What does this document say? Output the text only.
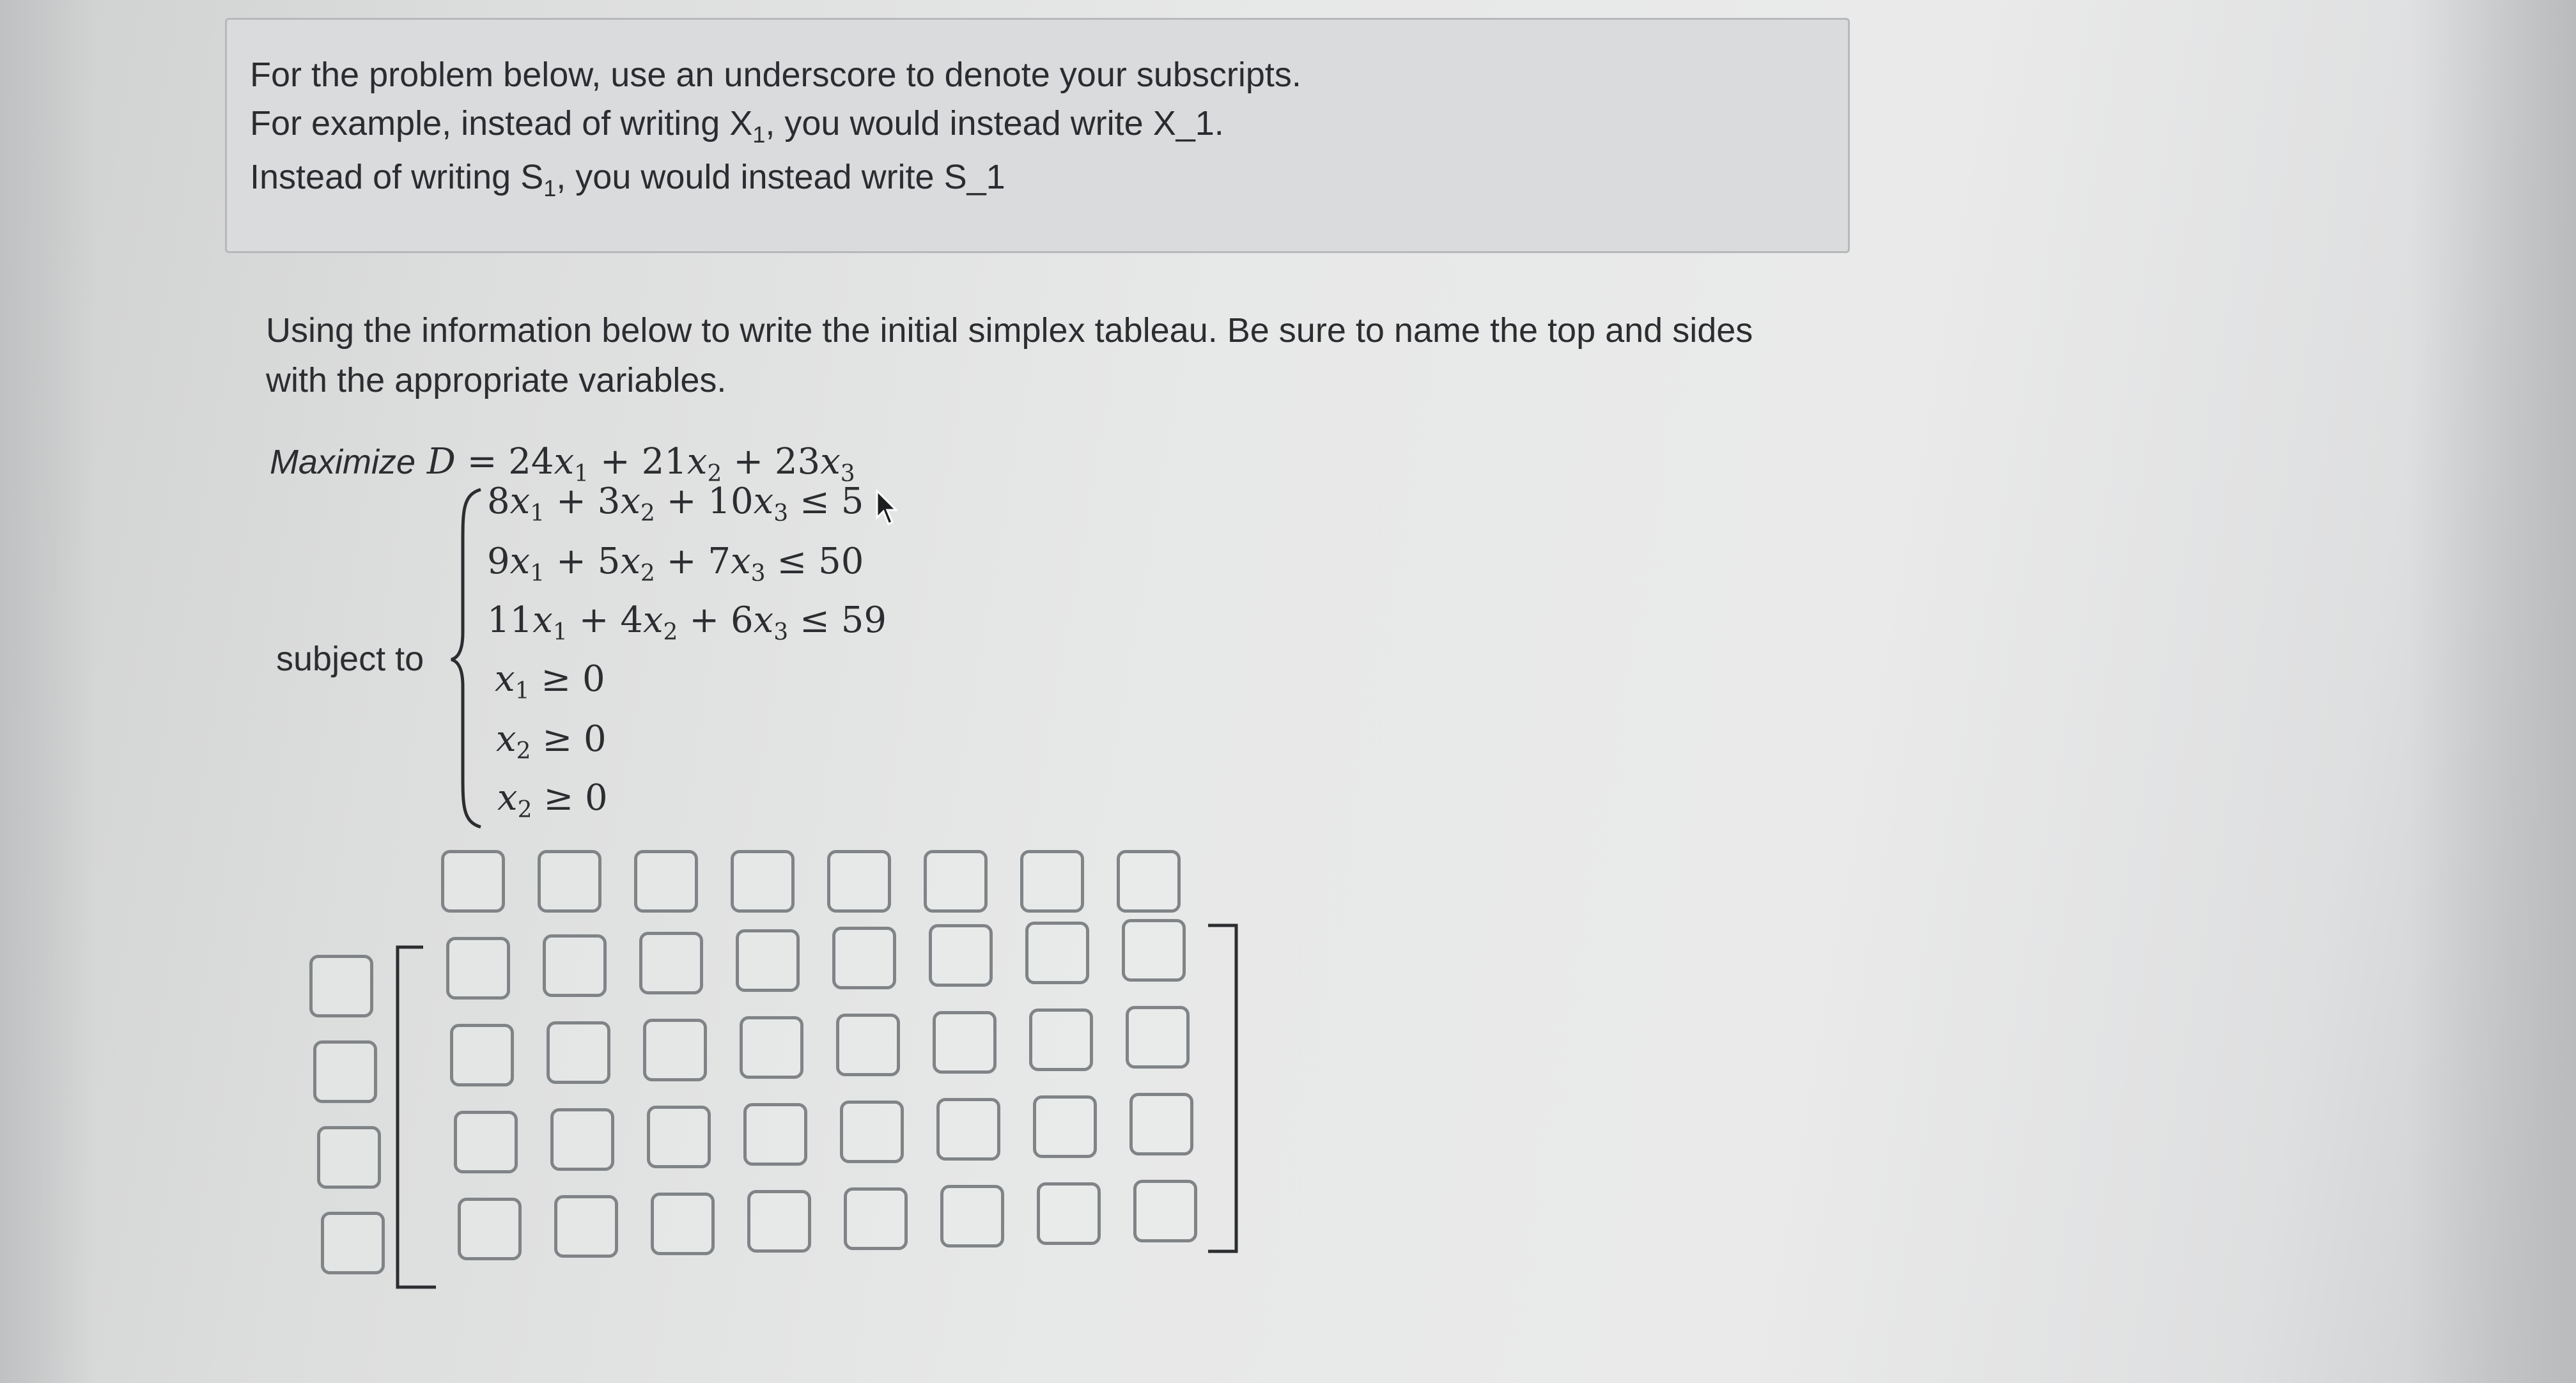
For the problem below, use an underscore to denote your subscripts.
For example, instead of writing $X_1$, you would instead write X_1.
Instead of writing $S_1$, you would instead write S_1
Using the information below to write the initial simplex tableau. Be sure to name the top and sides
with the appropriate variables.
Maximize $D = 24x_1 + 21x_2 + 23x_3$
subject to
$8x_1 + 3x_2 + 10x_3 \le 5$
$9x_1 + 5x_2 + 7x_3 \le 50$
$11x_1 + 4x_2 + 6x_3 \le 59$
$x_1 \ge 0$
$x_2 \ge 0$
$x_2 \ge 0$
